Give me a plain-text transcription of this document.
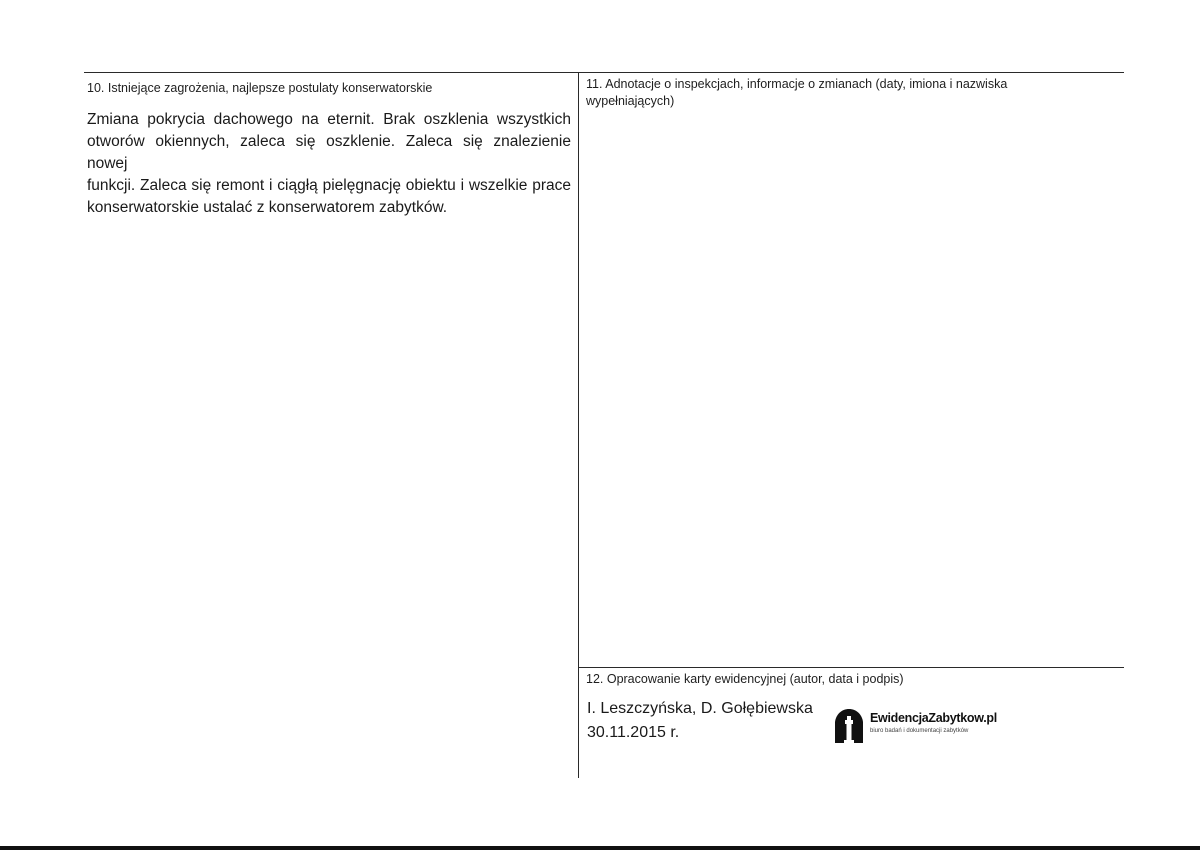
10. Istniejące zagrożenia, najlepsze postulaty konserwatorskie
Zmiana pokrycia dachowego na eternit. Brak oszklenia wszystkich
otworów okiennych, zaleca się oszklenie. Zaleca się znalezienie nowej
funkcji. Zaleca się remont i ciągłą pielęgnację obiektu i wszelkie prace
konserwatorskie ustalać z konserwatorem zabytków.
11. Adnotacje o inspekcjach, informacje o zmianach (daty, imiona i nazwiska
wypełniających)
12. Opracowanie karty ewidencyjnej (autor, data i podpis)
I. Leszczyńska, D. Gołębiewska
30.11.2015 r.
EwidencjaZabytkow.pl
biuro badań i dokumentacji zabytków
